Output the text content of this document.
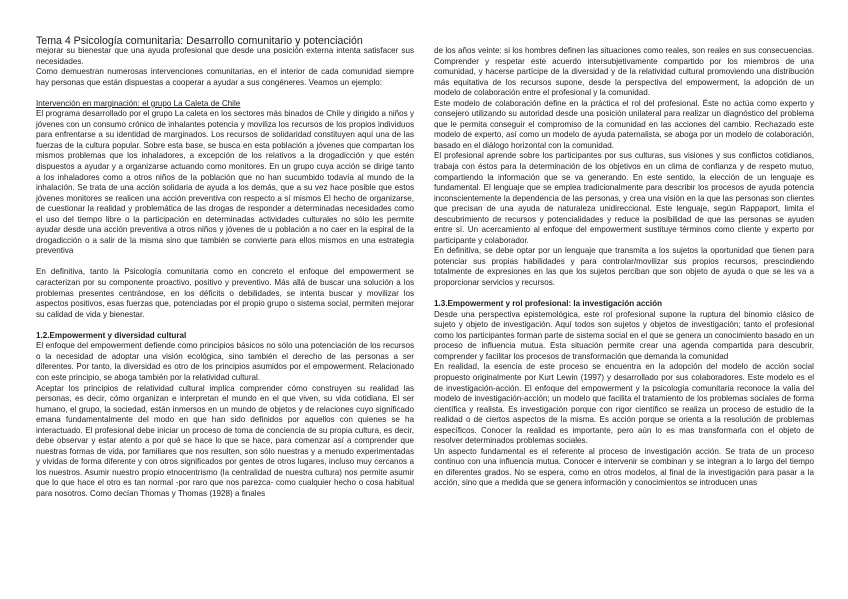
Tema 4 Psicología comunitaria: Desarrollo comunitario y potenciación

mejorar su bienestar que una ayuda profesional que desde una posición externa intenta satisfacer sus necesidades.

Como demuestran numerosas intervenciones comunitarias, en el interior de cada comunidad siempre hay personas que están dispuestas a cooperar a ayudar a sus congéneres. Veamos un ejemplo:

Intervención en marginación: el grupo La Caleta de Chile

El programa desarrollado por el grupo La caleta en los sectores más binados de Chile y dirigido a niños y jóvenes con un consumo crónico de inhalantes potencia y moviliza los recursos de los propios individuos para enfrentarse a su identidad de marginados. Los recursos de solidaridad constituyen aquí una de las fuerzas de la cultura popular. Sobre esta base, se busca en esta población a jóvenes que compartan los mismos problemas que los inhaladores, a excepción de los relativos a la drogadicción y que estén dispuestos a ayudar y a organizarse actuando como monitores. En un grupo cuya acción se dirige tanto a los inhaladores como a otros niños de la población que no han sucumbido todavía al mundo de la inhalación. Se trata de una acción solidaria de ayuda a los demás, que a su vez hace posible que estos jóvenes monitores se realicen una acción preventiva con respecto a sí mismos El hecho de organizarse, de cuestionar la realidad y problemática de las drogas de responder a determinadas necesidades como el uso del tiempo libre o la participación en determinadas actividades culturales no sólo les permite ayudar desde una acción preventiva a otros niños y jóvenes de u población a no caer en la espiral de la drogadicción o a salir de la misma sino que también se convierte para ellos mismos en una estrategia preventiva

En definitiva, tanto la Psicología comunitaria como en concreto el enfoque del empowerment se caracterizan por su componente proactivo, positivo y preventivo. Más allá de buscar una solución a los problemas presentes centrándose, en los déficits o debilidades, se intenta buscar y movilizar los aspectos positivos, esas fuerzas que, potenciadas por el propio grupo o sistema social, permiten mejorar su calidad de vida y bienestar.

1.2.Empowerment y diversidad cultural

El enfoque del empowerment defiende como principios básicos no sólo una potenciación de los recursos o la necesidad de adoptar una visión ecológica, sino también el derecho de las personas a ser diferentes. Por tanto, la diversidad es otro de los principios asumidos por el empowerment. Relacionado con este principio, se aboga también por la relatividad cultural.

Aceptar los principios de relatividad cultural implica comprender cómo construyen su realidad las personas, es decir, cómo organizan e interpretan el mundo en el que viven, su vida cotidiana. El ser humano, el grupo, la sociedad, están inmersos en un mundo de objetos y de relaciones cuyo significado emana fundamentalmente del modo en que han sido definidos por aquellos con quienes se ha interactuado. El profesional debe iniciar un proceso de toma de conciencia de su propia cultura, es decir, debe observar y estar atento a por qué se hace lo que se hace, para comenzar así a comprender que nuestras formas de vida, por familiares que nos resulten, son sólo nuestras y a menudo experimentadas y vividas de forma diferente y con otros significados por gentes de otros lugares, incluso muy cercanos a los nuestros. Asumir nuestro propio etnocentrismo (la centralidad de nuestra cultura) nos permite asumir que lo que hace el otro es tan normal -por raro que nos parezca- como cualquier hecho o cosa habitual para nosotros. Como decían Thomas y Thomas (1928) a finales

de los años veinte: si los hombres definen las situaciones como reales, son reales en sus consecuencias. Comprender y respetar este acuerdo intersubjetivamente compartido por los miembros de una comunidad, y hacerse partícipe de la diversidad y de la relatividad cultural promoviendo una distribución más equitativa de los recursos supone, desde la perspectiva del empowerment, la adopción de un modelo de colaboración entre el profesional y la comunidad.

Este modelo de colaboración define en la práctica el rol del profesional. Éste no actúa como experto y consejero utilizando su autoridad desde una posición unilateral para realizar un diagnóstico del problema que le permita conseguir el compromiso de la comunidad en las acciones del cambio. Rechazado este modelo de experto, así como un modelo de ayuda paternalista, se aboga por un modelo de colaboración, basado en el diálogo horizontal con la comunidad.

El profesional aprende sobre los participantes por sus culturas, sus visiones y sus conflictos cotidianos, trabaja con éstos para la determinación de los objetivos en un clima de confianza y de respeto mutuo, compartiendo la información que se va generando. En este sentido, la elección de un lenguaje es fundamental. El lenguaje que se emplea tradicionalmente para describir los procesos de ayuda potencia inconscientemente la dependencia de las personas, y crea una visión en la que las personas son clientes que precisan de una ayuda de naturaleza unidireccional. Este lenguaje, según Rappaport, limita el descubrimiento de recursos y potencialidades y reduce la posibilidad de que las personas se ayuden entre sí. Un acercamiento al enfoque del empowerment sustituye términos como cliente y experto por participante y colaborador.

En definitiva, se debe optar por un lenguaje que transmita a los sujetos la oportunidad que tienen para potenciar sus propias habilidades y para controlar/movilizar sus propios recursos, prescindiendo totalmente de expresiones en las que los sujetos perciban que son objeto de ayuda o que se les va a proporcionar servicios y recursos.

1.3.Empowerment y rol profesional: la investigación acción

Desde una perspectiva epistemológica, este rol profesional supone la ruptura del binomio clásico de sujeto y objeto de investigación. Aquí todos son sujetos y objetos de investigación; tanto el profesional como los participantes forman parte de sistema social en el que se genera un conocimiento basado en un proceso de influencia mutua. Esta situación permite crear una agenda compartida para descubrir, comprender y facilitar los procesos de transformación que demanda la comunidad

En realidad, la esencia de este proceso se encuentra en la adopción del modelo de acción social propuesto originalmente por Kurt Lewin (1997) y desarrollado por sus colaboradores. Este modelo es el de investigación-acción. El enfoque del empowerment y la psicología comunitaria reconoce la valía del modelo de investigación-acción; un modelo que facilita el tratamiento de los problemas sociales de forma científica y realista. Es investigación porque con rigor científico se realiza un proceso de estudio de la realidad o de ciertos aspectos de la misma. Es acción porque se orienta a la resolución de problemas específicos. Conocer la realidad es importante, pero aún lo es mas transformarla con el objeto de resolver determinados problemas sociales.

Un aspecto fundamental es el referente al proceso de investigación acción. Se trata de un proceso continuo con una influencia mutua. Conocer e intervenir se combinan y se integran a lo largo del tiempo en diferentes grados. No se espera, como en otros modelos, al final de la investigación para pasar a la acción, sino que a medida que se genera información y conocimientos se introducen unas
